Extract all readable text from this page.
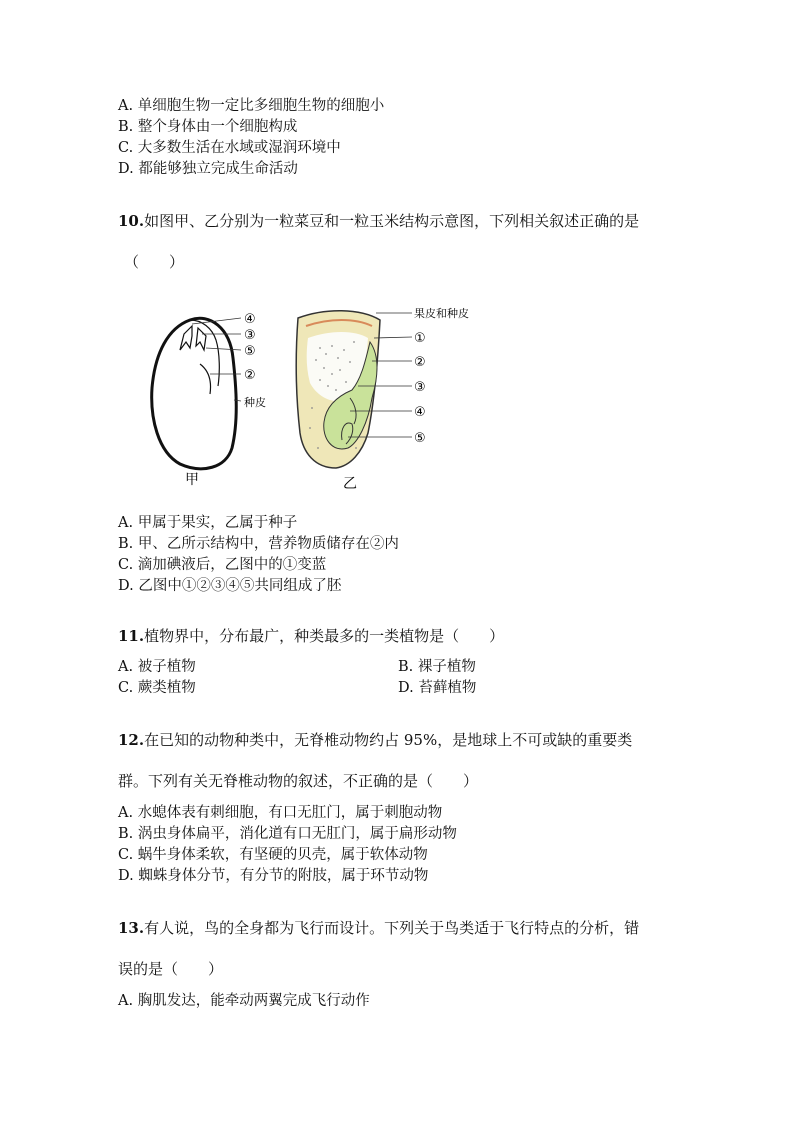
A. 单细胞生物一定比多细胞生物的细胞小
B. 整个身体由一个细胞构成
C. 大多数生活在水域或湿润环境中
D. 都能够独立完成生命活动
10.如图甲、乙分别为一粒菜豆和一粒玉米结构示意图，下列相关叙述正确的是
（　　）
④
③
⑤
②
种皮
甲
果皮和种皮
①
②
③
④
⑤
乙
A. 甲属于果实，乙属于种子
B. 甲、乙所示结构中，营养物质储存在②内
C. 滴加碘液后，乙图中的①变蓝
D. 乙图中①②③④⑤共同组成了胚
11.植物界中，分布最广，种类最多的一类植物是（　　）
A. 被子植物	B. 裸子植物
C. 蕨类植物	D. 苔藓植物
12.在已知的动物种类中，无脊椎动物约占 95%，是地球上不可或缺的重要类
群。下列有关无脊椎动物的叙述，不正确的是（　　）
A. 水螅体表有刺细胞，有口无肛门，属于刺胞动物
B. 涡虫身体扁平，消化道有口无肛门，属于扁形动物
C. 蜗牛身体柔软，有坚硬的贝壳，属于软体动物
D. 蜘蛛身体分节，有分节的附肢，属于环节动物
13.有人说，鸟的全身都为飞行而设计。下列关于鸟类适于飞行特点的分析，错
误的是（　　）
A. 胸肌发达，能牵动两翼完成飞行动作
